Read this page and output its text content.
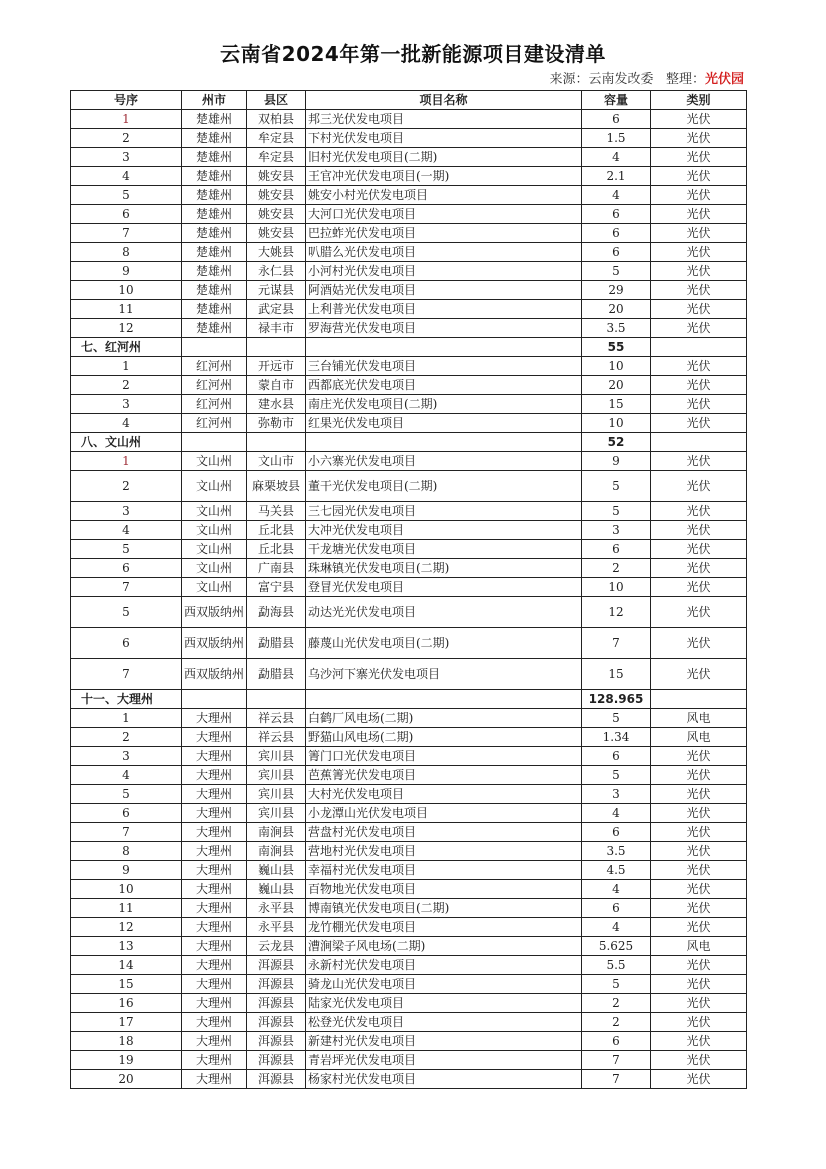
云南省2024年第一批新能源项目建设清单
来源：云南发改委 整理：光伏园
号序	州市	县区	项目名称	容量	类别
1	楚雄州	双柏县	邦三光伏发电项目	6	光伏
2	楚雄州	牟定县	下村光伏发电项目	1.5	光伏
3	楚雄州	牟定县	旧村光伏发电项目(二期)	4	光伏
4	楚雄州	姚安县	王官冲光伏发电项目(一期)	2.1	光伏
5	楚雄州	姚安县	姚安小村光伏发电项目	4	光伏
6	楚雄州	姚安县	大河口光伏发电项目	6	光伏
7	楚雄州	姚安县	巴拉蚱光伏发电项目	6	光伏
8	楚雄州	大姚县	叭腊么光伏发电项目	6	光伏
9	楚雄州	永仁县	小河村光伏发电项目	5	光伏
10	楚雄州	元谋县	阿酒姑光伏发电项目	29	光伏
11	楚雄州	武定县	上利普光伏发电项目	20	光伏
12	楚雄州	禄丰市	罗海营光伏发电项目	3.5	光伏
七、红河州				55	
1	红河州	开远市	三台铺光伏发电项目	10	光伏
2	红河州	蒙自市	西都底光伏发电项目	20	光伏
3	红河州	建水县	南庄光伏发电项目(二期)	15	光伏
4	红河州	弥勒市	红果光伏发电项目	10	光伏
八、文山州				52	
1	文山州	文山市	小六寨光伏发电项目	9	光伏
2	文山州	麻栗坡县	董干光伏发电项目(二期)	5	光伏
3	文山州	马关县	三七园光伏发电项目	5	光伏
4	文山州	丘北县	大冲光伏发电项目	3	光伏
5	文山州	丘北县	干龙塘光伏发电项目	6	光伏
6	文山州	广南县	珠琳镇光伏发电项目(二期)	2	光伏
7	文山州	富宁县	登冒光伏发电项目	10	光伏
5	西双版纳州	勐海县	动达光光伏发电项目	12	光伏
6	西双版纳州	勐腊县	藤蔑山光伏发电项目(二期)	7	光伏
7	西双版纳州	勐腊县	乌沙河下寨光伏发电项目	15	光伏
十一、大理州				128.965	
1	大理州	祥云县	白鹤厂风电场(二期)	5	风电
2	大理州	祥云县	野猫山风电场(二期)	1.34	风电
3	大理州	宾川县	箐门口光伏发电项目	6	光伏
4	大理州	宾川县	芭蕉箐光伏发电项目	5	光伏
5	大理州	宾川县	大村光伏发电项目	3	光伏
6	大理州	宾川县	小龙潭山光伏发电项目	4	光伏
7	大理州	南涧县	营盘村光伏发电项目	6	光伏
8	大理州	南涧县	营地村光伏发电项目	3.5	光伏
9	大理州	巍山县	幸福村光伏发电项目	4.5	光伏
10	大理州	巍山县	百物地光伏发电项目	4	光伏
11	大理州	永平县	博南镇光伏发电项目(二期)	6	光伏
12	大理州	永平县	龙竹棚光伏发电项目	4	光伏
13	大理州	云龙县	漕涧梁子风电场(二期)	5.625	风电
14	大理州	洱源县	永新村光伏发电项目	5.5	光伏
15	大理州	洱源县	骑龙山光伏发电项目	5	光伏
16	大理州	洱源县	陆家光伏发电项目	2	光伏
17	大理州	洱源县	松登光伏发电项目	2	光伏
18	大理州	洱源县	新建村光伏发电项目	6	光伏
19	大理州	洱源县	青岩坪光伏发电项目	7	光伏
20	大理州	洱源县	杨家村光伏发电项目	7	光伏
